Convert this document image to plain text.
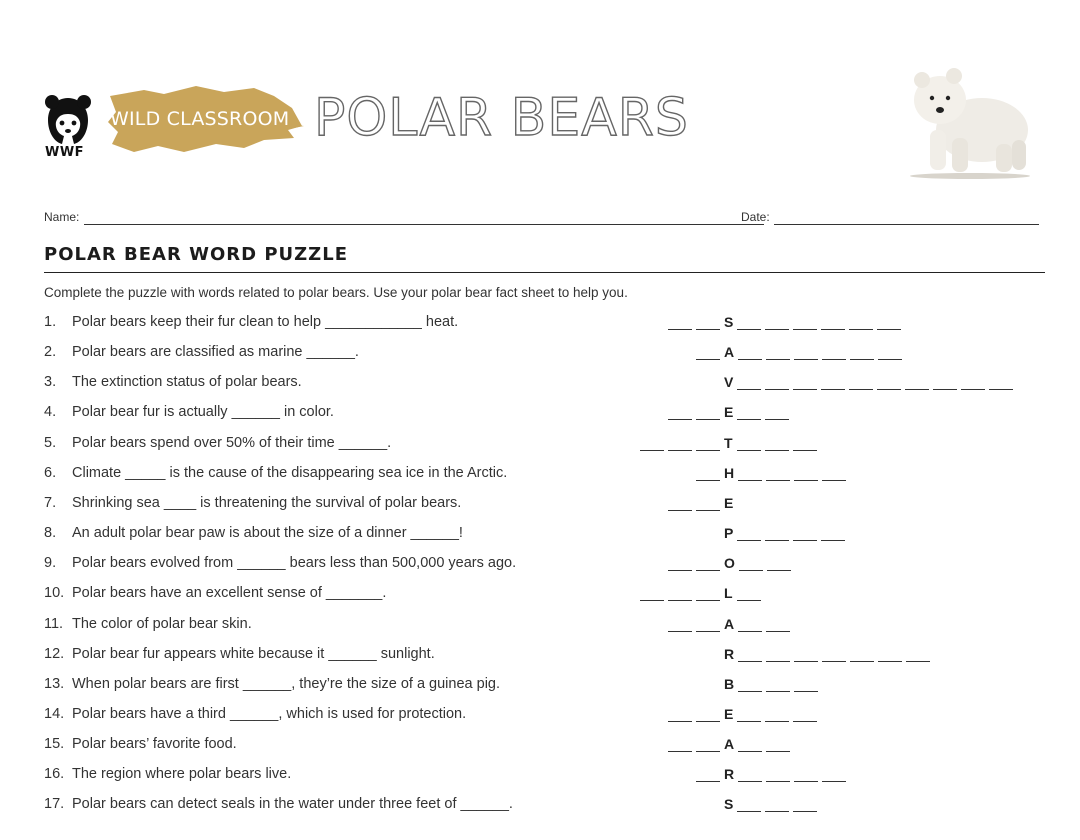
WWF
WILD CLASSROOM POLAR BEARS
Name:	Date:
POLAR BEAR WORD PUZZLE
Complete the puzzle with words related to polar bears. Use your polar bear fact sheet to help you.
1. Polar bears keep their fur clean to help ____________ heat.	S
2. Polar bears are classified as marine ______.	A
3. The extinction status of polar bears.	V
4. Polar bear fur is actually ______ in color.	E
5. Polar bears spend over 50% of their time ______.	T
6. Climate _____ is the cause of the disappearing sea ice in the Arctic.	H
7. Shrinking sea ____ is threatening the survival of polar bears.	E
8. An adult polar bear paw is about the size of a dinner ______!	P
9. Polar bears evolved from ______ bears less than 500,000 years ago.	O
10. Polar bears have an excellent sense of _______.	L
11. The color of polar bear skin.	A
12. Polar bear fur appears white because it ______ sunlight.	R
13. When polar bears are first ______, they’re the size of a guinea pig.	B
14. Polar bears have a third ______, which is used for protection.	E
15. Polar bears’ favorite food.	A
16. The region where polar bears live.	R
17. Polar bears can detect seals in the water under three feet of ______.	S
